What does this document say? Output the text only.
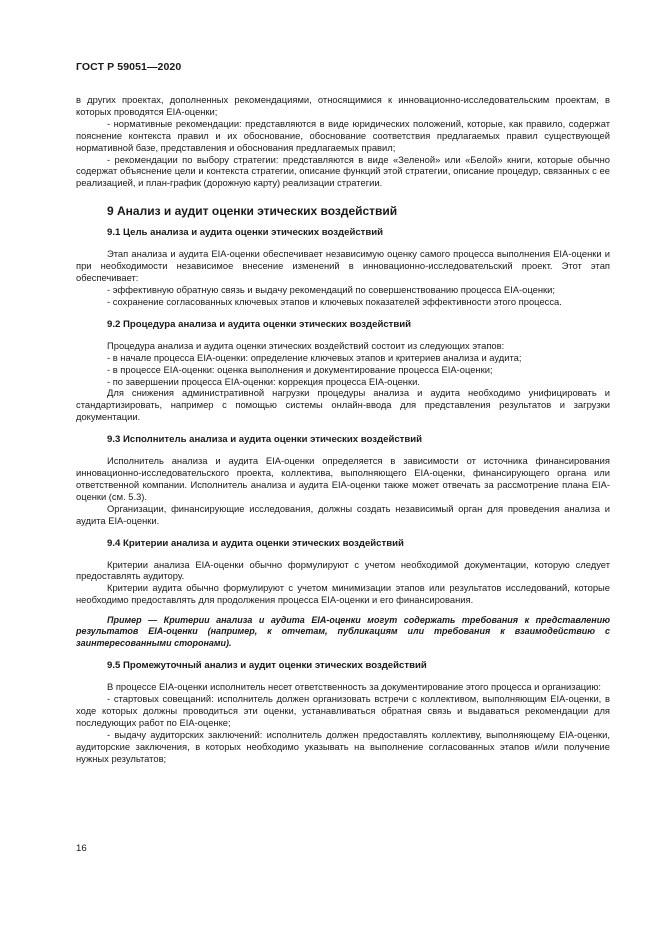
ГОСТ Р 59051—2020

в других проектах, дополненных рекомендациями, относящимися к инновационно-исследовательским проектам, в которых проводятся EIA-оценки;

- нормативные рекомендации: представляются в виде юридических положений, которые, как правило, содержат пояснение контекста правил и их обоснование, обоснование соответствия предлагаемых правил существующей нормативной базе, представления и обоснования предлагаемых правил;

- рекомендации по выбору стратегии: представляются в виде «Зеленой» или «Белой» книги, которые обычно содержат объяснение цели и контекста стратегии, описание функций этой стратегии, описание процедур, связанных с ее реализацией, и план-график (дорожную карту) реализации стратегии.

9 Анализ и аудит оценки этических воздействий
9.1 Цель анализа и аудита оценки этических воздействий

Этап анализа и аудита EIA-оценки обеспечивает независимую оценку самого процесса выполнения EIA-оценки и при необходимости независимое внесение изменений в инновационно-исследовательский проект. Этот этап обеспечивает:

- эффективную обратную связь и выдачу рекомендаций по совершенствованию процесса EIA-оценки;

- сохранение согласованных ключевых этапов и ключевых показателей эффективности этого процесса.

9.2 Процедура анализа и аудита оценки этических воздействий

Процедура анализа и аудита оценки этических воздействий состоит из следующих этапов:

- в начале процесса EIA-оценки: определение ключевых этапов и критериев анализа и аудита;

- в процессе EIA-оценки: оценка выполнения и документирование процесса EIA-оценки;

- по завершении процесса EIA-оценки: коррекция процесса EIA-оценки.

Для снижения административной нагрузки процедуры анализа и аудита необходимо унифицировать и стандартизировать, например с помощью системы онлайн-ввода для представления результатов и загрузки документации.

9.3 Исполнитель анализа и аудита оценки этических воздействий

Исполнитель анализа и аудита EIA-оценки определяется в зависимости от источника финансирования инновационно-исследовательского проекта, коллектива, выполняющего EIA-оценки, финансирующего органа или ответственной компании. Исполнитель анализа и аудита EIA-оценки также может отвечать за рассмотрение плана EIA-оценки (см. 5.3).

Организации, финансирующие исследования, должны создать независимый орган для проведения анализа и аудита EIA-оценки.

9.4 Критерии анализа и аудита оценки этических воздействий

Критерии анализа EIA-оценки обычно формулируют с учетом необходимой документации, которую следует предоставлять аудитору.

Критерии аудита обычно формулируют с учетом минимизации этапов или результатов исследований, которые необходимо предоставлять для продолжения процесса EIA-оценки и его финансирования.

Пример — Критерии анализа и аудита EIA-оценки могут содержать требования к представлению результатов EIA-оценки (например, к отчетам, публикациям или требования к взаимодействию с заинтересованными сторонами).

9.5 Промежуточный анализ и аудит оценки этических воздействий

В процессе EIA-оценки исполнитель несет ответственность за документирование этого процесса и организацию:

- стартовых совещаний: исполнитель должен организовать встречи с коллективом, выполняющим EIA-оценки, в ходе которых должны проводиться эти оценки, устанавливаться обратная связь и выдаваться рекомендации для последующих работ по EIA-оценке;

- выдачу аудиторских заключений: исполнитель должен предоставлять коллективу, выполняющему EIA-оценки, аудиторские заключения, в которых необходимо указывать на выполнение согласованных этапов и/или получение нужных результатов;

16
